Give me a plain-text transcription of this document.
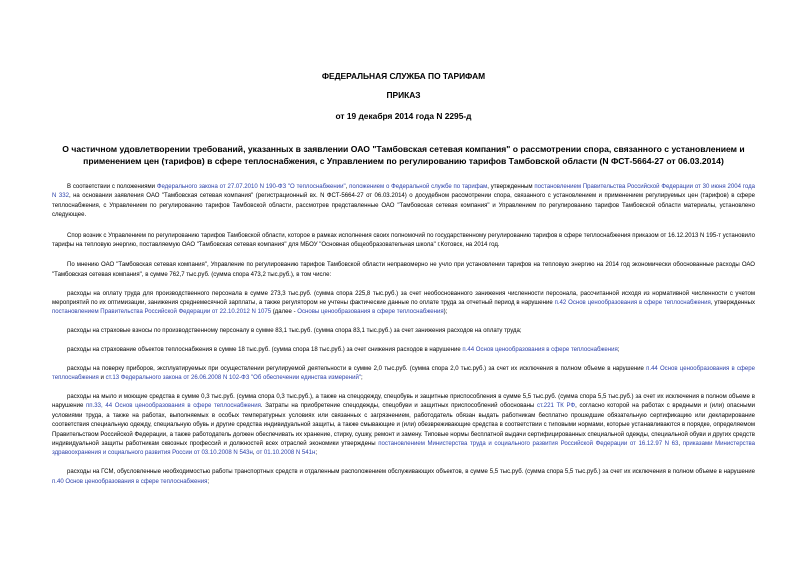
ФЕДЕРАЛЬНАЯ СЛУЖБА ПО ТАРИФАМ
ПРИКАЗ
от 19 декабря 2014 года N 2295-д
О частичном удовлетворении требований, указанных в заявлении ОАО "Тамбовская сетевая компания" о рассмотрении спора, связанного с установлением и применением цен (тарифов) в сфере теплоснабжения, с Управлением по регулированию тарифов Тамбовской области (N ФСТ-5664-27 от 06.03.2014)

В соответствии с положениями Федерального закона от 27.07.2010 N 190-ФЗ "О теплоснабжении", положением о Федеральной службе по тарифам, утвержденным постановлением Правительства Российской Федерации от 30 июня 2004 года N 332, на основании заявления ОАО "Тамбовская сетевая компания" (регистрационный вх. N ФСТ-5664-27 от 06.03.2014) о досудебном рассмотрении спора, связанного с установлением и применением регулируемых цен (тарифов) в сфере теплоснабжения, с Управлением по регулированию тарифов Тамбовской области, рассмотрев представленные ОАО "Тамбовская сетевая компания" и Управлением по регулированию тарифов Тамбовской области материалы, установлено следующее.

Спор возник с Управлением по регулированию тарифов Тамбовской области, которое в рамках исполнения своих полномочий по государственному регулированию тарифов в сфере теплоснабжения приказом от 16.12.2013 N 195-т установило тарифы на тепловую энергию, поставляемую ОАО "Тамбовская сетевая компания" для МБОУ "Основная общеобразовательная школа" г.Котовск, на 2014 год.

По мнению ОАО "Тамбовская сетевая компания", Управление по регулированию тарифов Тамбовской области неправомерно не учло при установлении тарифов на тепловую энергию на 2014 год экономически обоснованные расходы ОАО "Тамбовская сетевая компания", в сумме 762,7 тыс.руб. (сумма спора 473,2 тыс.руб.), в том числе:

расходы на оплату труда для производственного персонала в сумме 273,3 тыс.руб. (сумма спора 225,8 тыс.руб.) за счет необоснованного занижения численности персонала, рассчитанной исходя из нормативной численности с учетом мероприятий по их оптимизации, занижения среднемесячной зарплаты, а также регулятором не учтены фактические данные по оплате труда за отчетный период в нарушение п.42 Основ ценообразования в сфере теплоснабжения, утвержденных постановлением Правительства Российской Федерации от 22.10.2012 N 1075 (далее - Основы ценообразования в сфере теплоснабжения);

расходы на страховые взносы по производственному персоналу в сумме 83,1 тыс.руб. (сумма спора 83,1 тыс.руб.) за счет занижения расходов на оплату труда;

расходы на страхование объектов теплоснабжения в сумме 18 тыс.руб. (сумма спора 18 тыс.руб.) за счет снижения расходов в нарушение п.44 Основ ценообразования в сфере теплоснабжения;

расходы на поверку приборов, эксплуатируемых при осуществлении регулируемой деятельности в сумме 2,0 тыс.руб. (сумма спора 2,0 тыс.руб.) за счет их исключения в полном объеме в нарушение п.44 Основ ценообразования в сфере теплоснабжения и ст.13 Федерального закона от 26.06.2008 N 102-ФЗ "Об обеспечении единства измерений";

расходы на мыло и моющие средства в сумме 0,3 тыс.руб. (сумма спора 0,3 тыс.руб.), а также на спецодежду, спецобувь и защитные приспособления в сумме 5,5 тыс.руб. (сумма спора 5,5 тыс.руб.) за счет их исключения в полном объеме в нарушение пп.33, 44 Основ ценообразования в сфере теплоснабжения. Затраты на приобретение спецодежды, спецобуви и защитных приспособлений обоснованы ст.221 ТК РФ, согласно которой на работах с вредными и (или) опасными условиями труда, а также на работах, выполняемых в особых температурных условиях или связанных с загрязнением, работодатель обязан выдать работникам бесплатно прошедшие обязательную сертификацию или декларирование соответствия специальную одежду, специальную обувь и другие средства индивидуальной защиты, а также смывающие и (или) обезвреживающие средства в соответствии с типовыми нормами, которые устанавливаются в порядке, определяемом Правительством Российской Федерации, а также работодатель должен обеспечивать их хранение, стирку, сушку, ремонт и замену. Типовые нормы бесплатной выдачи сертифицированных специальной одежды, специальной обуви и других средств индивидуальной защиты работникам сквозных профессий и должностей всех отраслей экономики утверждены постановлением Министерства труда и социального развития Российской Федерации от 16.12.97 N 63, приказами Министерства здравоохранения и социального развития России от 03.10.2008 N 543н, от 01.10.2008 N 541н;

расходы на ГСМ, обусловленные необходимостью работы транспортных средств и отдаленным расположением обслуживающих объектов, в сумме 5,5 тыс.руб. (сумма спора 5,5 тыс.руб.) за счет их исключения в полном объеме в нарушение п.40 Основ ценообразования в сфере теплоснабжения;
